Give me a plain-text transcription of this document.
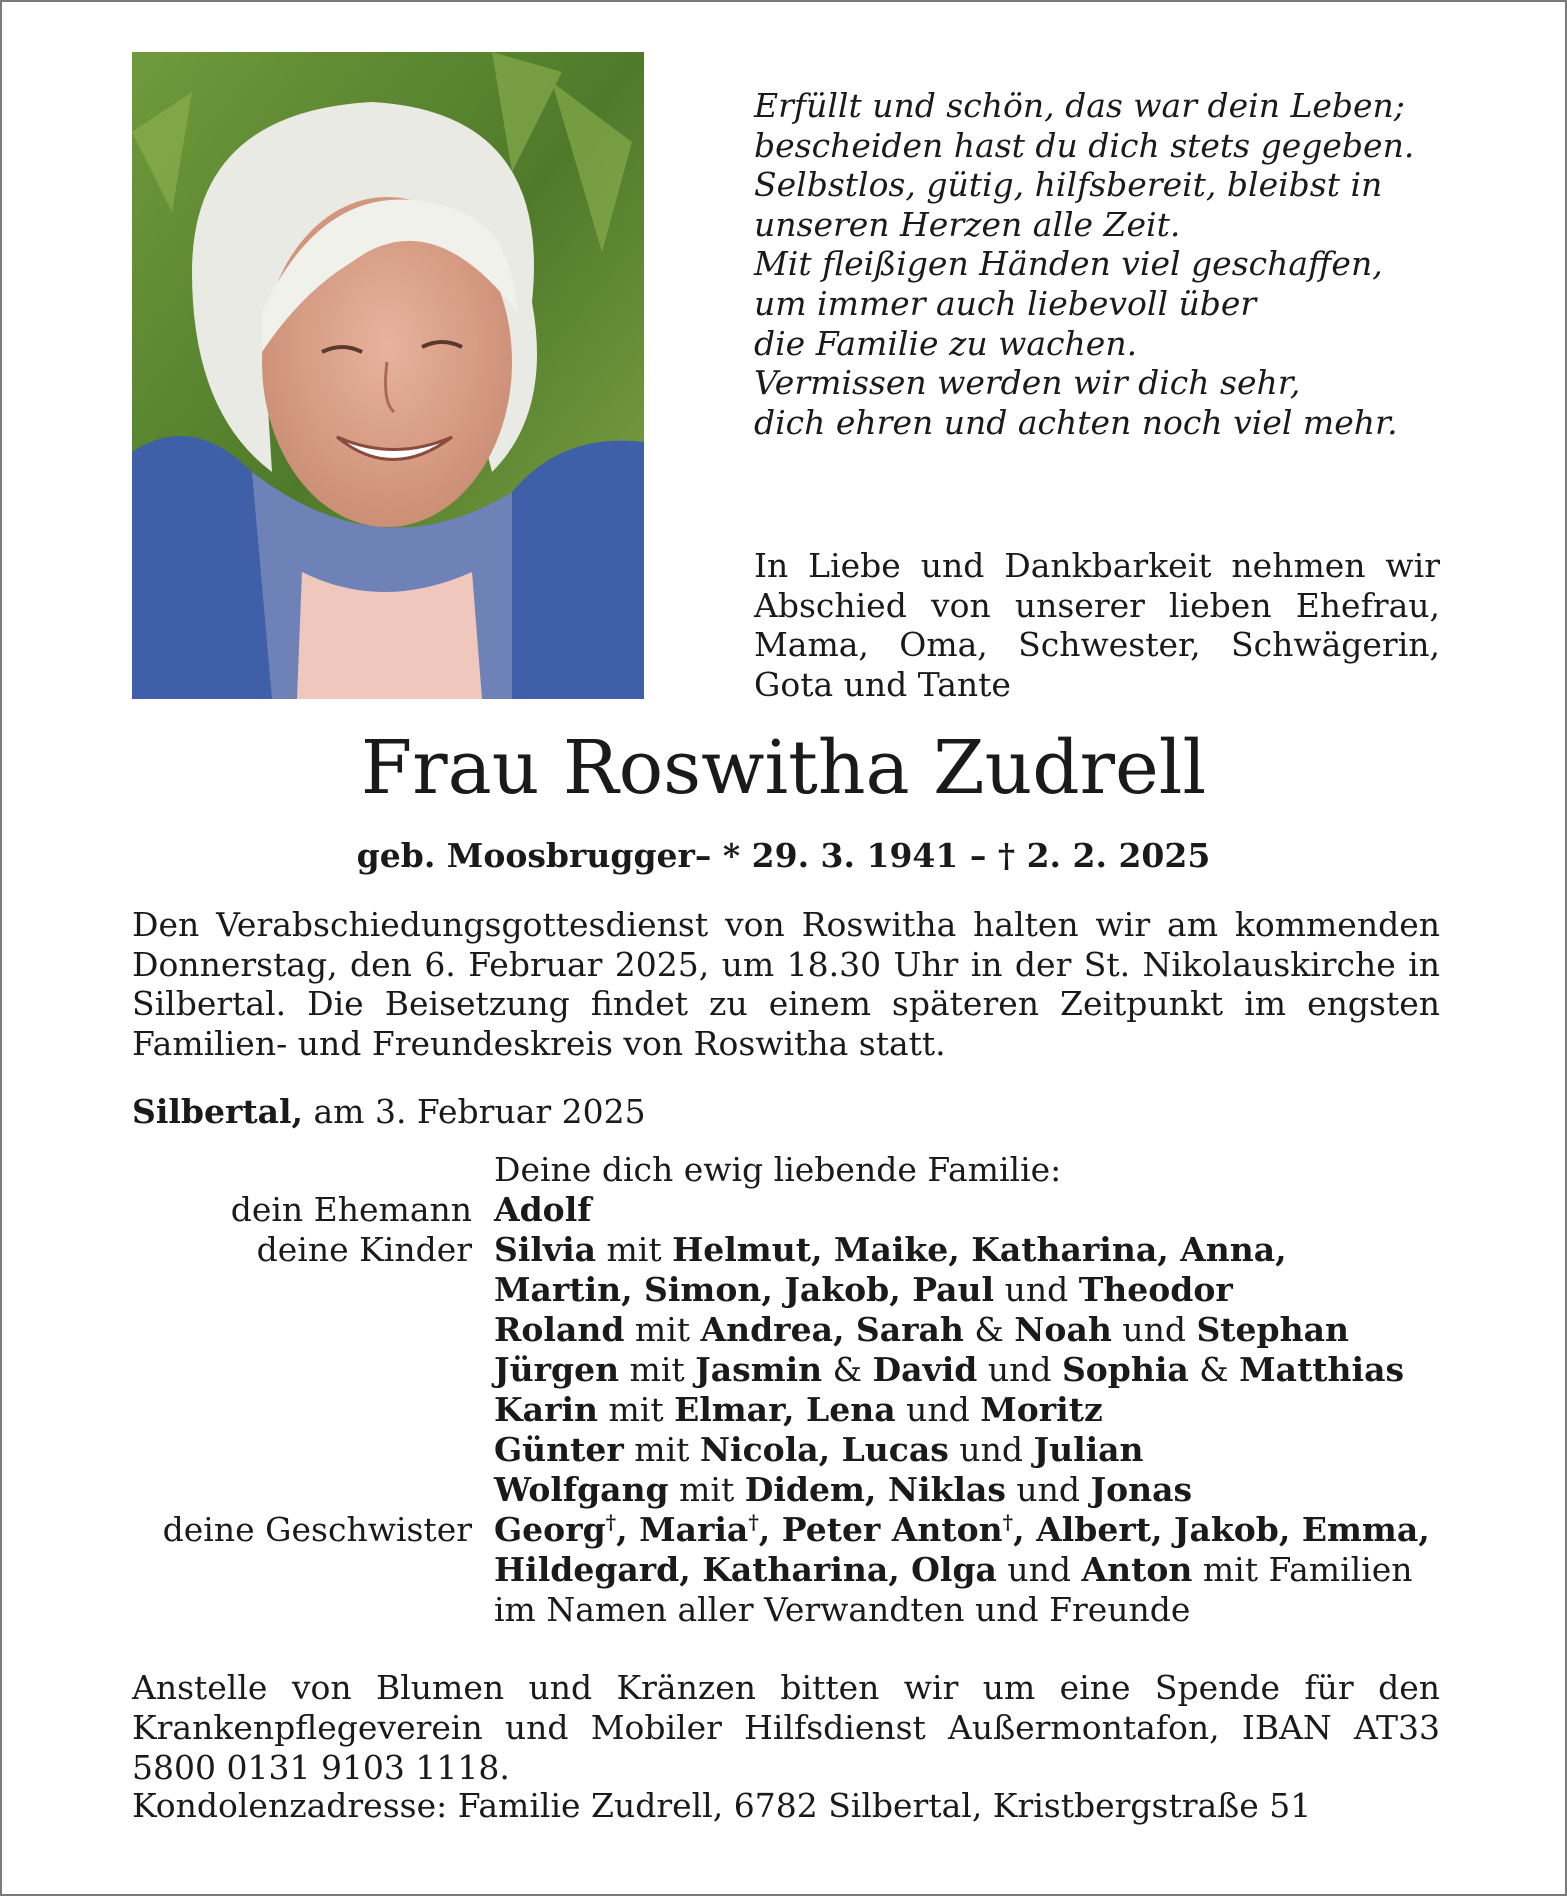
Erfüllt und schön, das war dein Leben;
bescheiden hast du dich stets gegeben.
Selbstlos, gütig, hilfsbereit, bleibst in
unseren Herzen alle Zeit.
Mit fleißigen Händen viel geschaffen,
um immer auch liebevoll über
die Familie zu wachen.
Vermissen werden wir dich sehr,
dich ehren und achten noch viel mehr.
In Liebe und Dankbarkeit nehmen wir Abschied von unserer lieben Ehefrau, Mama, Oma, Schwester, Schwägerin, Gota und Tante
Frau Roswitha Zudrell
geb. Moosbrugger– * 29. 3. 1941 – † 2. 2. 2025
Den Verabschiedungsgottesdienst von Roswitha halten wir am kommenden Donnerstag, den 6. Februar 2025, um 18.30 Uhr in der St. Nikolauskirche in Silbertal. Die Beisetzung findet zu einem späteren Zeitpunkt im engsten Familien- und Freundeskreis von Roswitha statt.
Silbertal, am 3. Februar 2025
Deine dich ewig liebende Familie:
dein Ehemann Adolf
deine Kinder Silvia mit Helmut, Maike, Katharina, Anna,
Martin, Simon, Jakob, Paul und Theodor
Roland mit Andrea, Sarah & Noah und Stephan
Jürgen mit Jasmin & David und Sophia & Matthias
Karin mit Elmar, Lena und Moritz
Günter mit Nicola, Lucas und Julian
Wolfgang mit Didem, Niklas und Jonas
deine Geschwister Georg†, Maria†, Peter Anton†, Albert, Jakob, Emma,
Hildegard, Katharina, Olga und Anton mit Familien
im Namen aller Verwandten und Freunde
Anstelle von Blumen und Kränzen bitten wir um eine Spende für den Krankenpflegeverein und Mobiler Hilfsdienst Außermontafon, IBAN AT33 5800 0131 9103 1118.
Kondolenzadresse: Familie Zudrell, 6782 Silbertal, Kristbergstraße 51
